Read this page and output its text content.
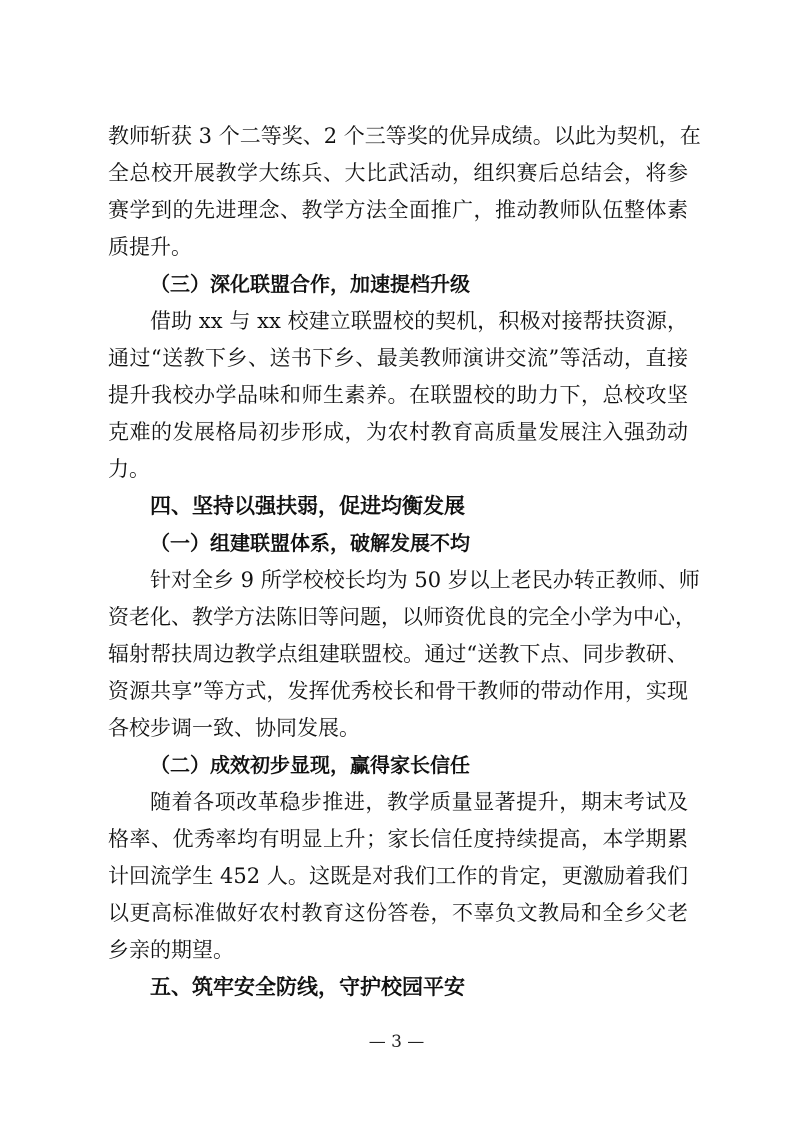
教师斩获 3 个二等奖、2 个三等奖的优异成绩。以此为契机，在
全总校开展教学大练兵、大比武活动，组织赛后总结会，将参
赛学到的先进理念、教学方法全面推广，推动教师队伍整体素
质提升。
（三）深化联盟合作，加速提档升级
借助 xx 与 xx 校建立联盟校的契机，积极对接帮扶资源，
通过“送教下乡、送书下乡、最美教师演讲交流”等活动，直接
提升我校办学品味和师生素养。在联盟校的助力下，总校攻坚
克难的发展格局初步形成，为农村教育高质量发展注入强劲动
力。
四、坚持以强扶弱，促进均衡发展
（一）组建联盟体系，破解发展不均
针对全乡 9 所学校校长均为 50 岁以上老民办转正教师、师
资老化、教学方法陈旧等问题，以师资优良的完全小学为中心，
辐射帮扶周边教学点组建联盟校。通过“送教下点、同步教研、
资源共享”等方式，发挥优秀校长和骨干教师的带动作用，实现
各校步调一致、协同发展。
（二）成效初步显现，赢得家长信任
随着各项改革稳步推进，教学质量显著提升，期末考试及
格率、优秀率均有明显上升；家长信任度持续提高，本学期累
计回流学生 452 人。这既是对我们工作的肯定，更激励着我们
以更高标准做好农村教育这份答卷，不辜负文教局和全乡父老
乡亲的期望。
五、筑牢安全防线，守护校园平安
— 3 —
